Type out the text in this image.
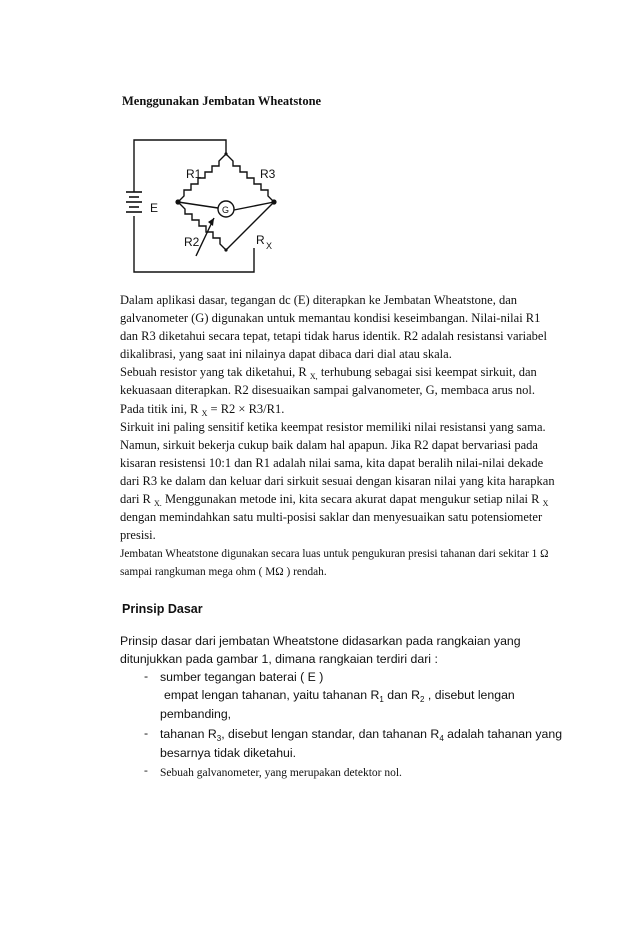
Menggunakan Jembatan Wheatstone
R1	R3
R2	R X
E	G

Dalam aplikasi dasar, tegangan dc (E) diterapkan ke Jembatan Wheatstone, dan galvanometer (G) digunakan untuk memantau kondisi keseimbangan. Nilai-nilai R1 dan R3 diketahui secara tepat, tetapi tidak harus identik. R2 adalah resistansi variabel dikalibrasi, yang saat ini nilainya dapat dibaca dari dial atau skala.

Sebuah resistor yang tak diketahui, R $_{X,}$ terhubung sebagai sisi keempat sirkuit, dan kekuasaan diterapkan. R2 disesuaikan sampai galvanometer, G, membaca arus nol. Pada titik ini, R $_X$ = R2 × R3/R1.

Sirkuit ini paling sensitif ketika keempat resistor memiliki nilai resistansi yang sama. Namun, sirkuit bekerja cukup baik dalam hal apapun. Jika R2 dapat bervariasi pada kisaran resistensi 10:1 dan R1 adalah nilai sama, kita dapat beralih nilai-nilai dekade dari R3 ke dalam dan keluar dari sirkuit sesuai dengan kisaran nilai yang kita harapkan dari R $_{X.}$ Menggunakan metode ini, kita secara akurat dapat mengukur setiap nilai R $_X$ dengan memindahkan satu multi-posisi saklar dan menyesuaikan satu potensiometer presisi.

Jembatan Wheatstone digunakan secara luas untuk pengukuran presisi tahanan dari sekitar 1 Ω sampai rangkuman mega ohm ( MΩ ) rendah.

Prinsip Dasar

Prinsip dasar dari jembatan Wheatstone didasarkan pada rangkaian yang ditunjukkan pada gambar 1, dimana rangkaian terdiri dari :

- sumber tegangan baterai ( E )
empat lengan tahanan, yaitu tahanan $R_1$ dan $R_2$ , disebut lengan
pembanding,
- tahanan $R_3$, disebut lengan standar, dan tahanan $R_4$ adalah tahanan yang
besarnya tidak diketahui.
- Sebuah galvanometer, yang merupakan detektor nol.
